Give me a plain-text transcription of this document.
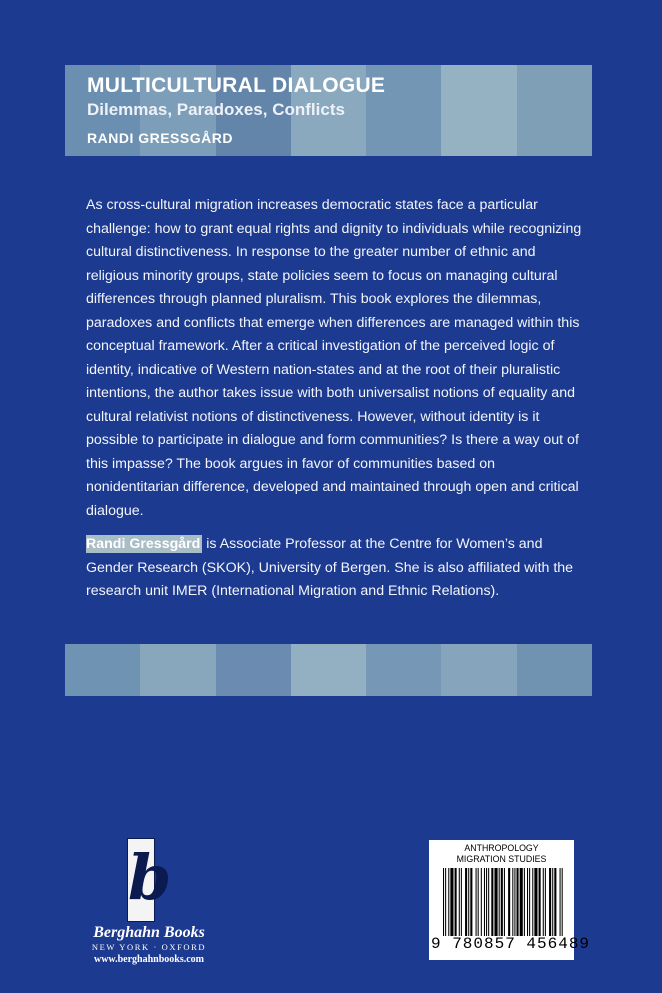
MULTICULTURAL DIALOGUE
Dilemmas, Paradoxes, Conflicts
RANDI GRESSGÅRD
As cross-cultural migration increases democratic states face a particular challenge: how to grant equal rights and dignity to individuals while recognizing cultural distinctiveness. In response to the greater number of ethnic and religious minority groups, state policies seem to focus on managing cultural differences through planned pluralism. This book explores the dilemmas, paradoxes and conflicts that emerge when differences are managed within this conceptual framework. After a critical investigation of the perceived logic of identity, indicative of Western nation-states and at the root of their pluralistic intentions, the author takes issue with both universalist notions of equality and cultural relativist notions of distinctiveness. However, without identity is it possible to participate in dialogue and form communities? Is there a way out of this impasse? The book argues in favor of communities based on nonidentitarian difference, developed and maintained through open and critical dialogue.
Randi Gressgård is Associate Professor at the Centre for Women’s and Gender Research (SKOK), University of Bergen. She is also affiliated with the research unit IMER (International Migration and Ethnic Relations).
b
Berghahn Books
NEW YORK · OXFORD
www.berghahnbooks.com
ANTHROPOLOGY
MIGRATION STUDIES
9 780857 456489
